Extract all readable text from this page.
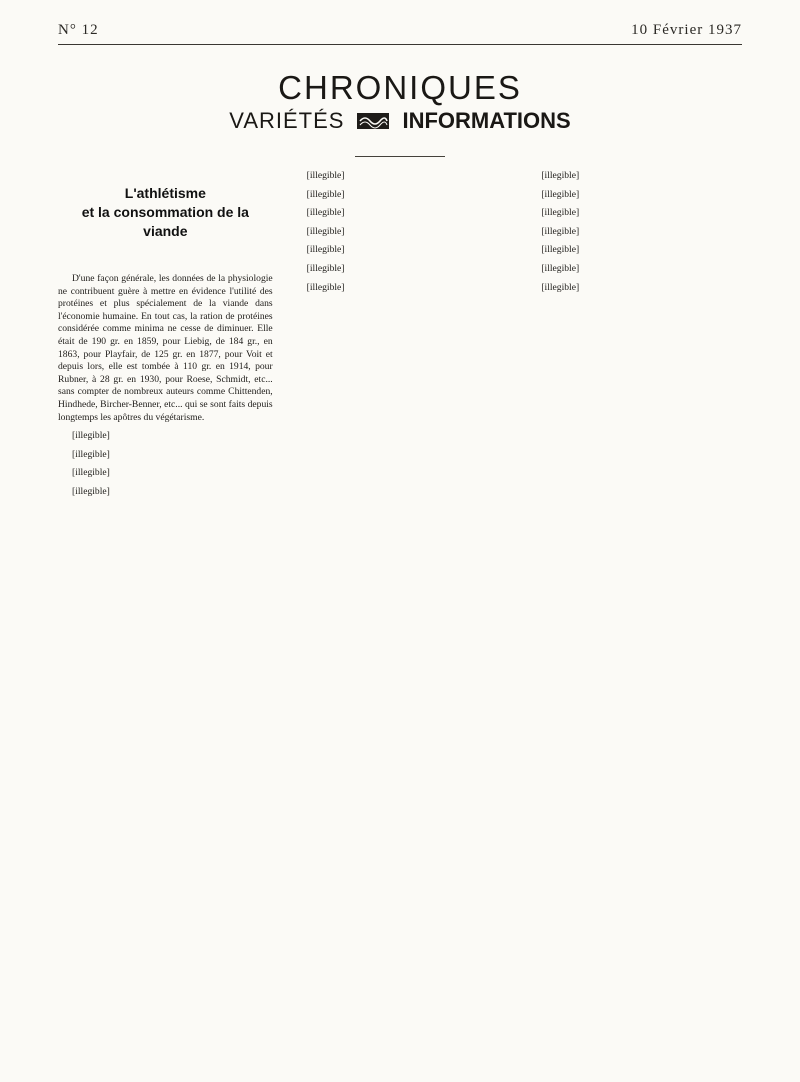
N° 12	10 Février 1937
CHRONIQUES
VARIÉTÉS	INFORMATIONS
L'athlétisme
et la consommation de la viande

D'une façon générale, les données de la physiologie ne contribuent guère à mettre en évidence l'utilité des protéines et plus spécialement de la viande dans l'économie humaine. En tout cas, la ration de protéines considérée comme minima ne cesse de diminuer. Elle était de 190 gr. en 1859, pour Liebig, de 184 gr., en 1863, pour Playfair, de 125 gr. en 1877, pour Voit et depuis lors, elle est tombée à 110 gr. en 1914, pour Rubner, à 28 gr. en 1930, pour Roese, Schmidt, etc... sans compter de nombreux auteurs comme Chittenden, Hindhede, Bircher-Benner, etc... qui se sont faits depuis longtemps les apôtres du végétarisme.

[illegible]

[illegible]

[illegible]

[illegible]

[illegible]

[illegible]

[illegible]

[illegible]

[illegible]

[illegible]

[illegible]

[illegible]

[illegible]

[illegible]

[illegible]

[illegible]

[illegible]

[illegible]
